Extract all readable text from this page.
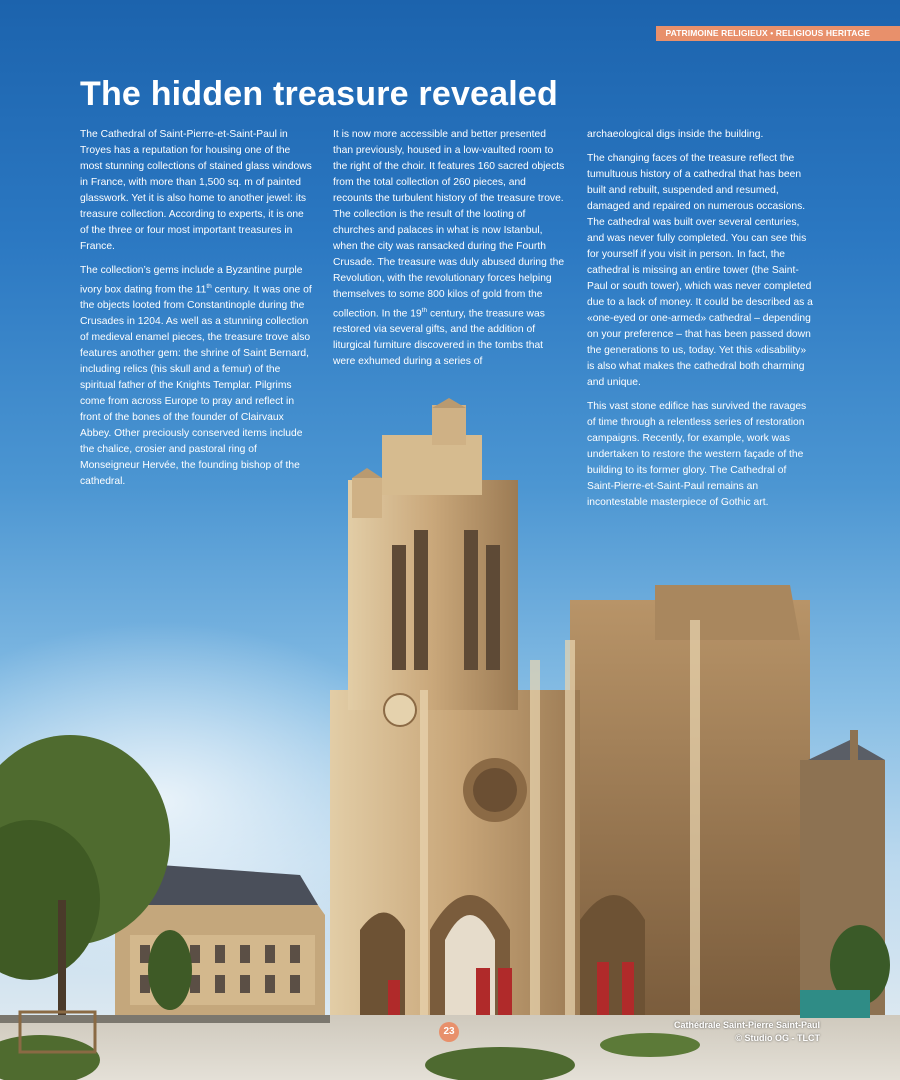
PATRIMOINE RELIGIEUX • RELIGIOUS HERITAGE
The hidden treasure revealed

The Cathedral of Saint-Pierre-et-Saint-Paul in Troyes has a reputation for housing one of the most stunning collections of stained glass windows in France, with more than 1,500 sq. m of painted glasswork. Yet it is also home to another jewel: its treasure collection. According to experts, it is one of the three or four most important treasures in France.

The collection’s gems include a Byzantine purple ivory box dating from the 11th century. It was one of the objects looted from Constantinople during the Crusades in 1204. As well as a stunning collection of medieval enamel pieces, the treasure trove also features another gem: the shrine of Saint Bernard, including relics (his skull and a femur) of the spiritual father of the Knights Templar. Pilgrims come from across Europe to pray and reflect in front of the bones of the founder of Clairvaux Abbey. Other preciously conserved items include the chalice, crosier and pastoral ring of Monseigneur Hervée, the founding bishop of the cathedral.

It is now more accessible and better presented than previously, housed in a low-vaulted room to the right of the choir. It features 160 sacred objects from the total collection of 260 pieces, and recounts the turbulent history of the treasure trove. The collection is the result of the looting of churches and palaces in what is now Istanbul, when the city was ransacked during the Fourth Crusade. The treasure was duly abused during the Revolution, with the revolutionary forces helping themselves to some 800 kilos of gold from the collection. In the 19th century, the treasure was restored via several gifts, and the addition of liturgical furniture discovered in the tombs that were exhumed during a series of

archaeological digs inside the building.

The changing faces of the treasure reflect the tumultuous history of a cathedral that has been built and rebuilt, suspended and resumed, damaged and repaired on numerous occasions. The cathedral was built over several centuries, and was never fully completed. You can see this for yourself if you visit in person. In fact, the cathedral is missing an entire tower (the Saint-Paul or south tower), which was never completed due to a lack of money. It could be described as a «one-eyed or one-armed» cathedral – depending on your preference – that has been passed down the generations to us, today. Yet this «disability» is also what makes the cathedral both charming and unique.

This vast stone edifice has survived the ravages of time through a relentless series of restoration campaigns. Recently, for example, work was undertaken to restore the western façade of the building to its former glory. The Cathedral of Saint-Pierre-et-Saint-Paul remains an incontestable masterpiece of Gothic art.

23
Cathédrale Saint-Pierre Saint-Paul
© Studio OG - TLCT
